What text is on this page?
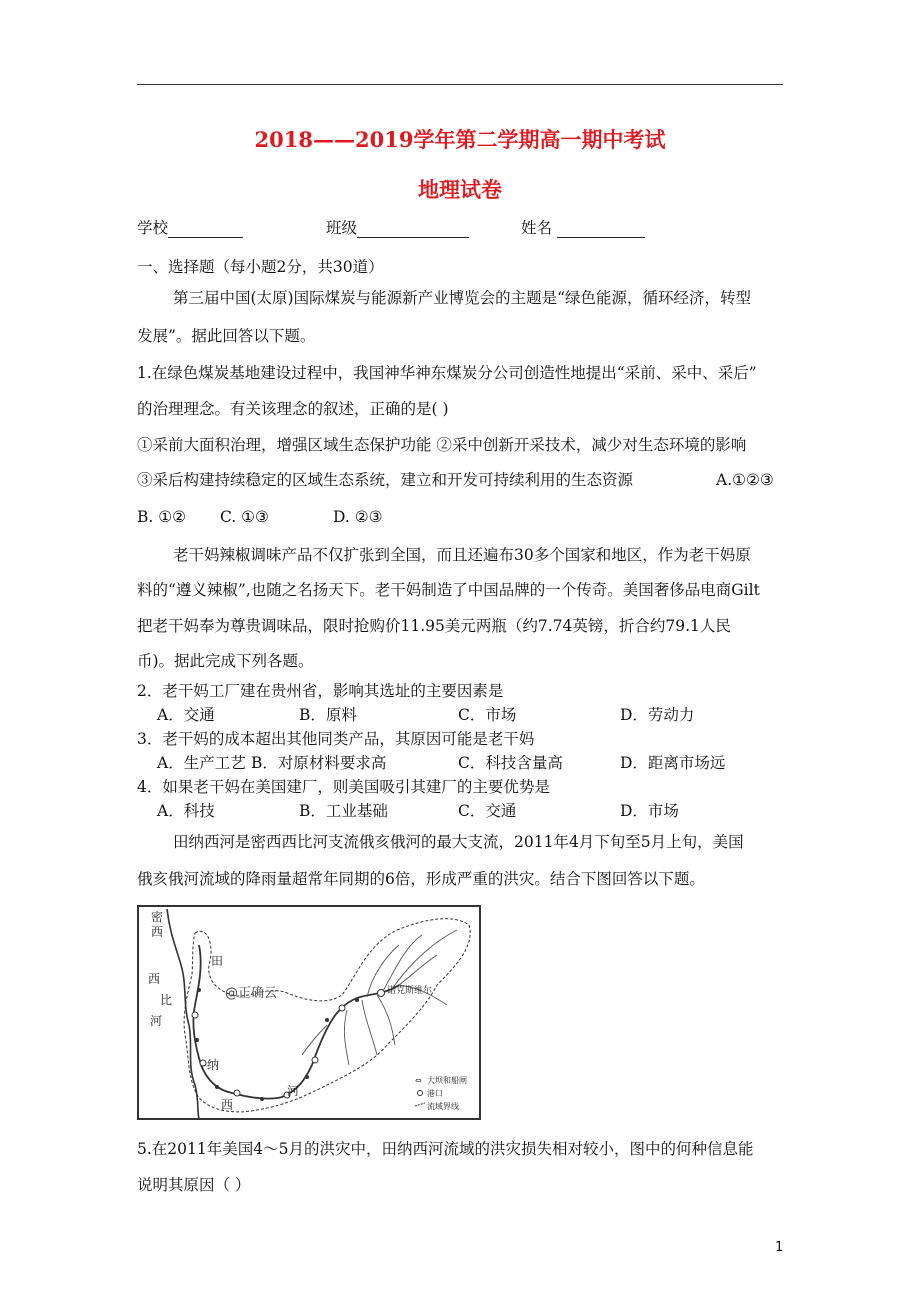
2018——2019学年第二学期高一期中考试
地理试卷
学校	班级	姓名
一、选择题（每小题2分，共30道）
第三届中国(太原)国际煤炭与能源新产业博览会的主题是“绿色能源，循环经济，转型
发展”。据此回答以下题。
1.在绿色煤炭基地建设过程中，我国神华神东煤炭分公司创造性地提出“采前、采中、采后”
的治理理念。有关该理念的叙述，正确的是( )
①采前大面积治理，增强区域生态保护功能 ②采中创新开采技术，减少对生态环境的影响
③采后构建持续稳定的区域生态系统，建立和开发可持续利用的生态资源	A.①②③
B. ①② C. ①③	D. ②③
老干妈辣椒调味产品不仅扩张到全国，而且还遍布30多个国家和地区，作为老干妈原
料的“遵义辣椒”,也随之名扬天下。老干妈制造了中国品牌的一个传奇。美国奢侈品电商Gilt
把老干妈奉为尊贵调味品，限时抢购价11.95美元两瓶（约7.74英镑，折合约79.1人民
币)。据此完成下列各题。
2．老干妈工厂建在贵州省，影响其选址的主要因素是
A．交通	B．原料	C．市场	D．劳动力
3．老干妈的成本超出其他同类产品，其原因可能是老干妈
A．生产工艺 B．对原材料要求高	C．科技含量高	D．距离市场远
4．如果老干妈在美国建厂，则美国吸引其建厂的主要优势是
A．科技	B．工业基础	C．交通	D．市场
田纳西河是密西西比河支流俄亥俄河的最大支流，2011年4月下旬至5月上旬，美国
俄亥俄河流域的降雨量超常年同期的6倍，形成严重的洪灾。结合下图回答以下题。
密
西
西
比
河
田
纳
西
河
@正确云	诺克斯维尔
⇔ 大坝和船闸
港口
流域界线
5.在2011年美国4～5月的洪灾中，田纳西河流域的洪灾损失相对较小，图中的何种信息能
说明其原因（ ）
1
